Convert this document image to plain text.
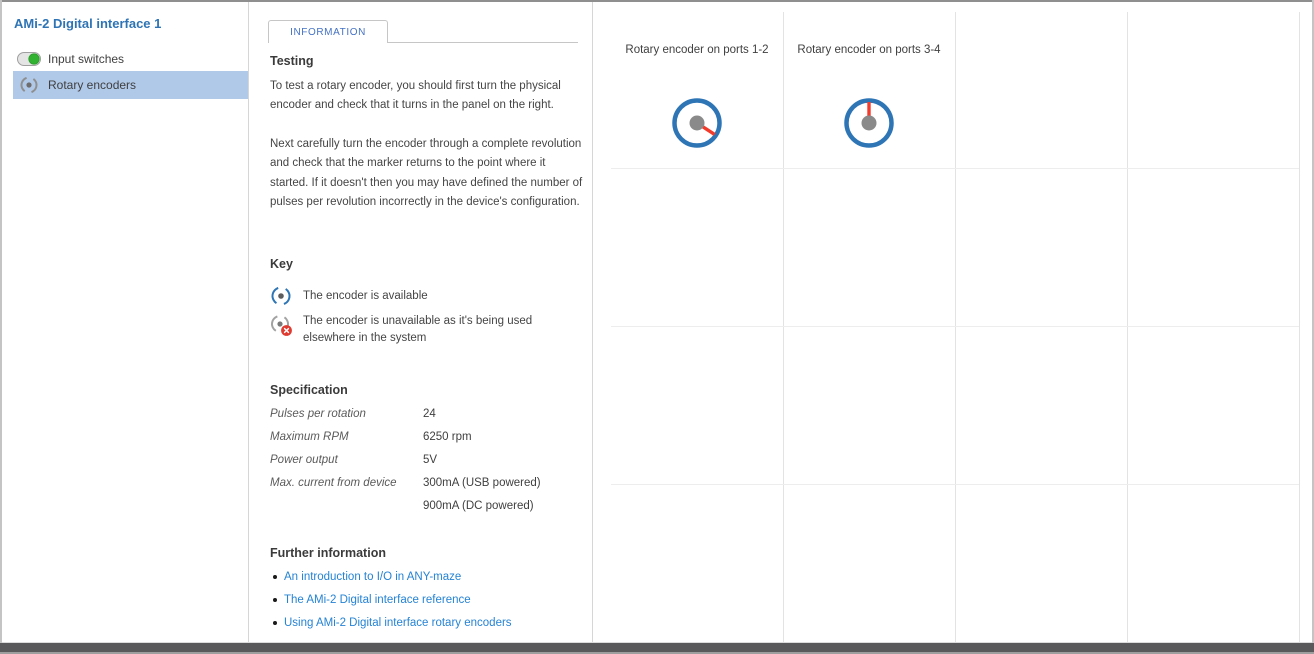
AMi-2 Digital interface 1
Input switches
Rotary encoders
INFORMATION
Testing
To test a rotary encoder, you should first turn the physical encoder and check that it turns in the panel on the right.
Next carefully turn the encoder through a complete revolution and check that the marker returns to the point where it started. If it doesn't then you may have defined the number of pulses per revolution incorrectly in the device's configuration.
Key
The encoder is available
The encoder is unavailable as it's being used elsewhere in the system
Specification
Pulses per rotation	24
Maximum RPM	6250 rpm
Power output	5V
Max. current from device	300mA (USB powered)
900mA (DC powered)
Further information
An introduction to I/O in ANY-maze
The AMi-2 Digital interface reference
Using AMi-2 Digital interface rotary encoders
Rotary encoder on ports 1-2	Rotary encoder on ports 3-4
